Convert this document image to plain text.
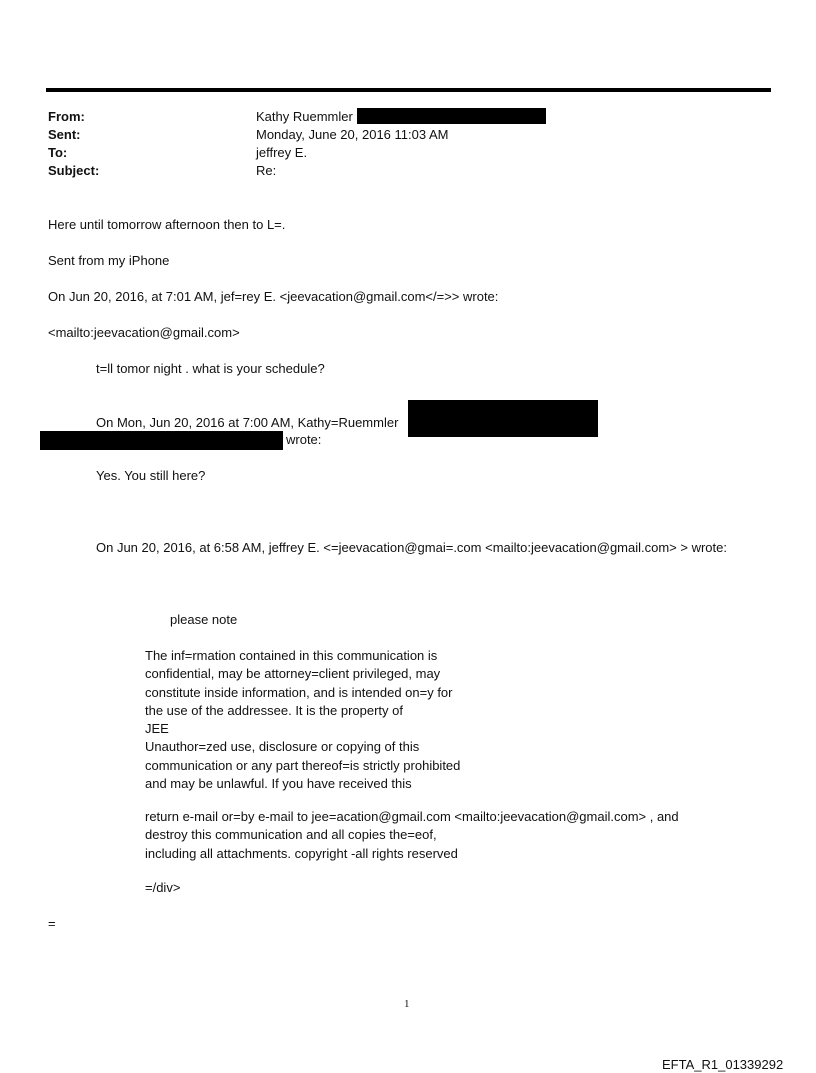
From:	Kathy Ruemmler
Sent:	Monday, June 20, 2016 11:03 AM
To:	jeffrey E.
Subject:	Re:
Here until tomorrow afternoon then to L=.
Sent from my iPhone
On Jun 20, 2016, at 7:01 AM, jef=rey E. <jeevacation@gmail.com</=>> wrote:
<mailto:jeevacation@gmail.com>
t=ll tomor night . what is your schedule?
On Mon, Jun 20, 2016 at 7:00 AM, Kathy=Ruemmler
wrote:
Yes. You still here?
On Jun 20, 2016, at 6:58 AM, jeffrey E. <=jeevacation@gmai=.com <mailto:jeevacation@gmail.com> > wrote:
please note
The inf=rmation contained in this communication is
confidential, may be attorney=client privileged, may
constitute inside information, and is intended on=y for
the use of the addressee. It is the property of
JEE
Unauthor=zed use, disclosure or copying of this
communication or any part thereof=is strictly prohibited
and may be unlawful. If you have received this
return e-mail or=by e-mail to jee=acation@gmail.com <mailto:jeevacation@gmail.com> , and
destroy this communication and all copies the=eof,
including all attachments. copyright -all rights reserved
=/div>
=
1
EFTA_R1_01339292
